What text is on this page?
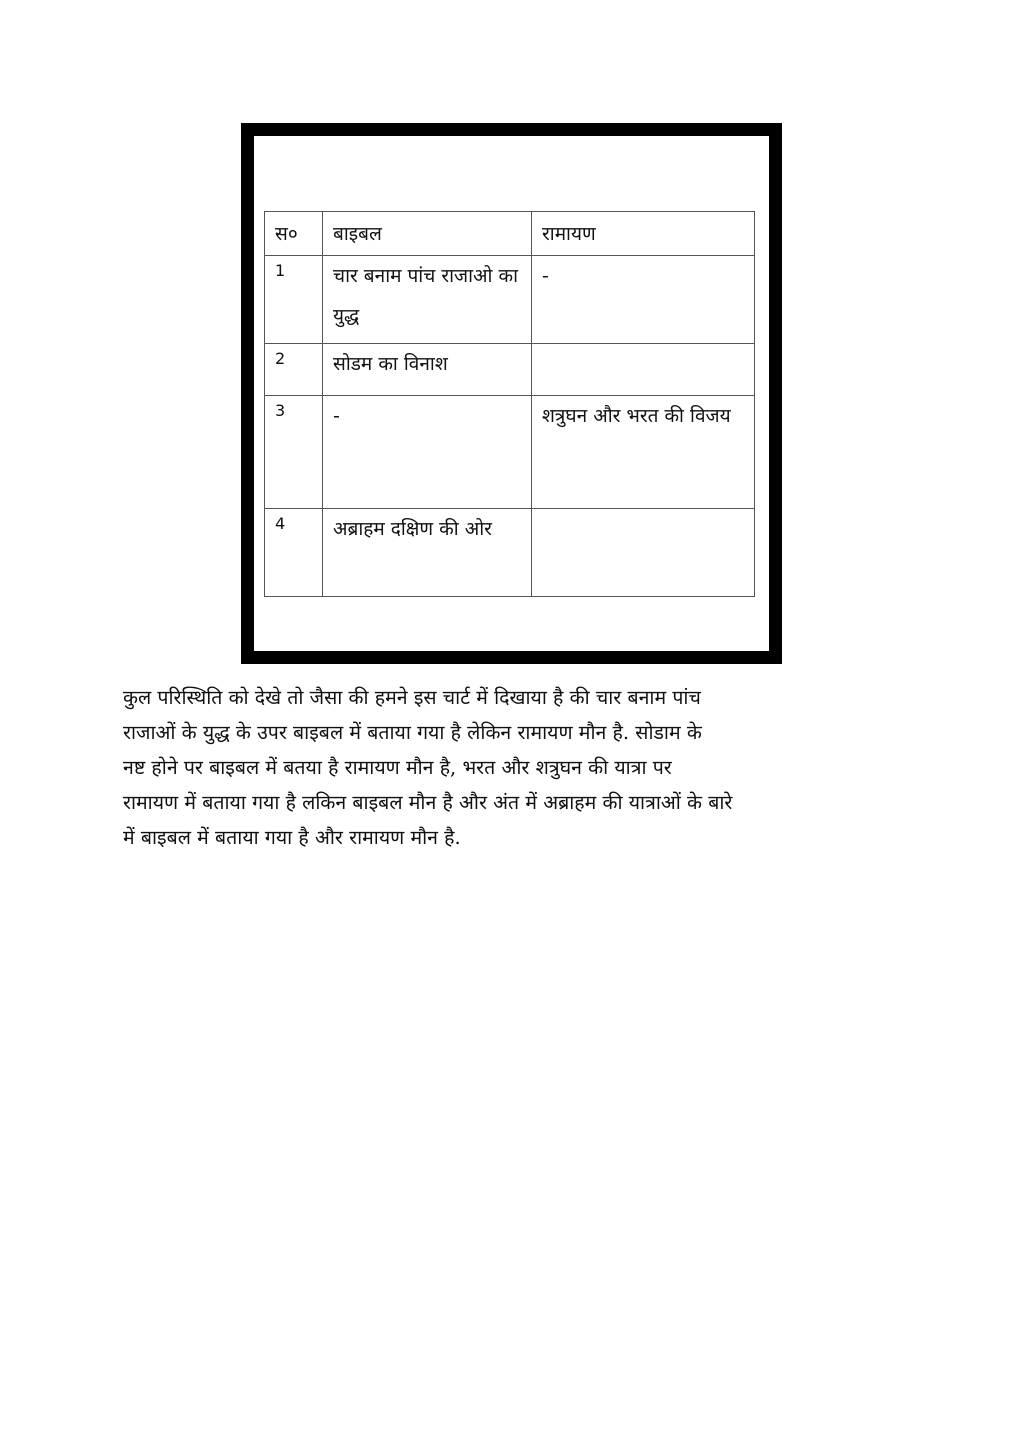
स०	बाइबल	रामायण
1	चार बनाम पांच राजाओ का युद्ध	-
2	सोडम का विनाश	
3	-	शत्रुघन और भरत की विजय
4	अब्राहम दक्षिण की ओर	
कुल परिस्थिति को देखे तो जैसा की हमने इस चार्ट में दिखाया है की चार बनाम पांच
राजाओं के युद्ध के उपर बाइबल में बताया गया है लेकिन रामायण मौन है. सोडाम के
नष्ट होने पर बाइबल में बतया है रामायण मौन है, भरत और शत्रुघन की यात्रा पर
रामायण में बताया गया है लकिन बाइबल मौन है और अंत में अब्राहम की यात्राओं के बारे
में बाइबल में बताया गया है और रामायण मौन है.
